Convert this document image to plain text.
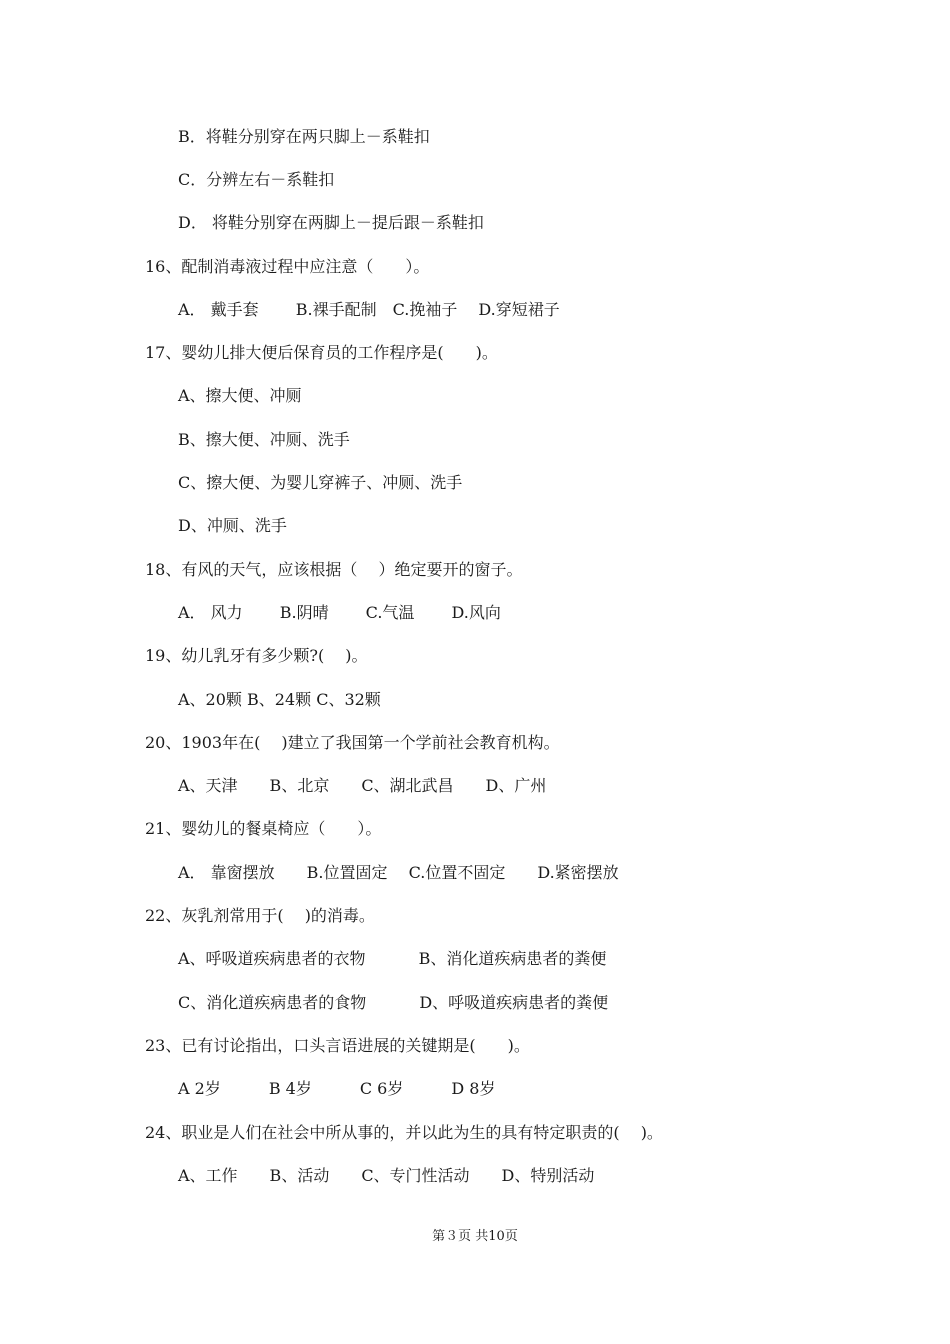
B．将鞋分别穿在两只脚上－系鞋扣
C．分辨左右－系鞋扣
D． 将鞋分别穿在两脚上－提后跟－系鞋扣
16、配制消毒液过程中应注意（　　）。
A． 戴手套　　 B.裸手配制　C.挽袖子　 D.穿短裙子
17、婴幼儿排大便后保育员的工作程序是(　　)。
A、擦大便、冲厕
B、擦大便、冲厕、洗手
C、擦大便、为婴儿穿裤子、冲厕、洗手
D、冲厕、洗手
18、有风的天气，应该根据（　 ）绝定要开的窗子。
A． 风力　　 B.阴晴　　 C.气温　　 D.风向
19、幼儿乳牙有多少颗?(　 )。
A、20颗 B、24颗 C、32颗
20、1903年在(　 )建立了我国第一个学前社会教育机构。
A、天津　　B、北京　　C、湖北武昌　　D、广州
21、婴幼儿的餐桌椅应（　　）。
A． 靠窗摆放　　B.位置固定　 C.位置不固定　　D.紧密摆放
22、灰乳剂常用于(　 )的消毒。
A、呼吸道疾病患者的衣物　　　 B、消化道疾病患者的粪便
C、消化道疾病患者的食物　　　 D、呼吸道疾病患者的粪便
23、已有讨论指出，口头言语进展的关键期是(　　)。
A 2岁　　　B 4岁　　　C 6岁　　　D 8岁
24、职业是人们在社会中所从事的，并以此为生的具有特定职责的(　 )。
A、工作　　B、活动　　C、专门性活动　　D、特别活动
第３页 共10页
